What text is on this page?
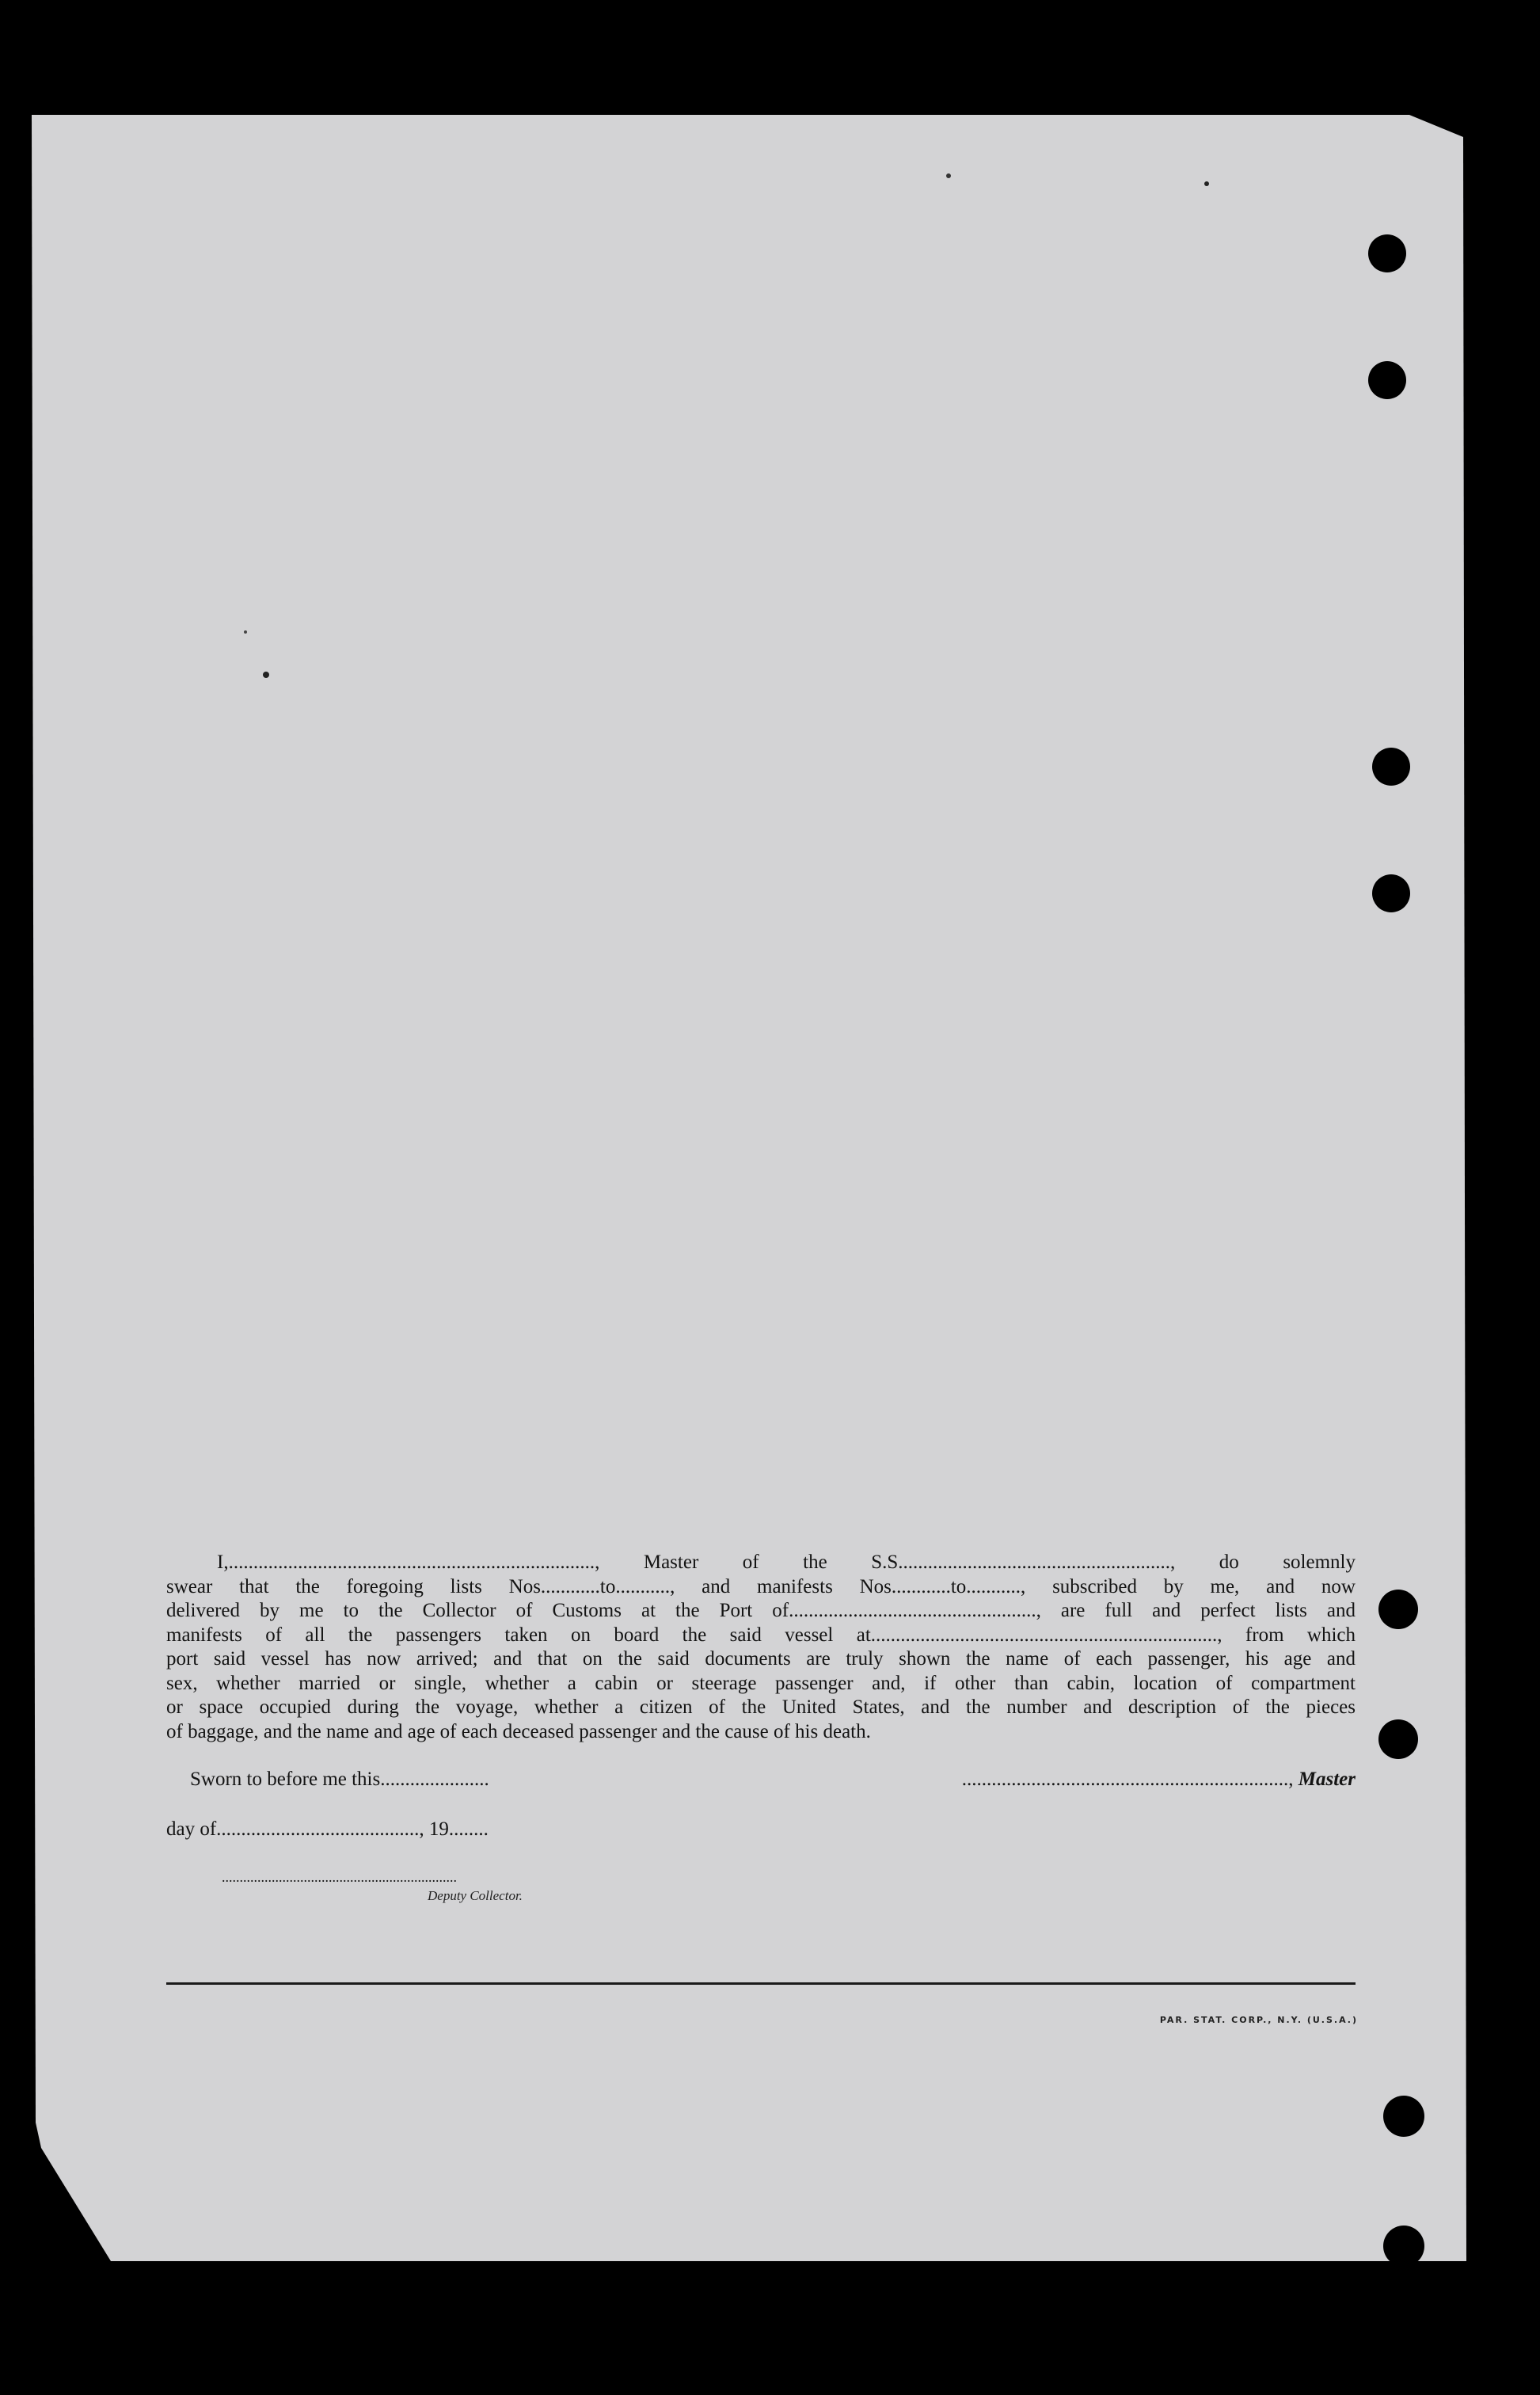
I,.........................................................................., Master of the S.S......................................................., do solemnly
swear that the foregoing lists Nos............to..........., and manifests Nos............to..........., subscribed by me, and now
delivered by me to the Collector of Customs at the Port of.................................................., are full and perfect lists and
manifests of all the passengers taken on board the said vessel at......................................................................, from which
port said vessel has now arrived; and that on the said documents are truly shown the name of each passenger, his age and
sex, whether married or single, whether a cabin or steerage passenger and, if other than cabin, location of compartment
or space occupied during the voyage, whether a citizen of the United States, and the number and description of the pieces
of baggage, and the name and age of each deceased passenger and the cause of his death.
Sworn to before me this......................	.................................................................., Master
day of........................................., 19........
..................................................................
Deputy Collector.
PAR. STAT. CORP., N.Y. (U.S.A.)
